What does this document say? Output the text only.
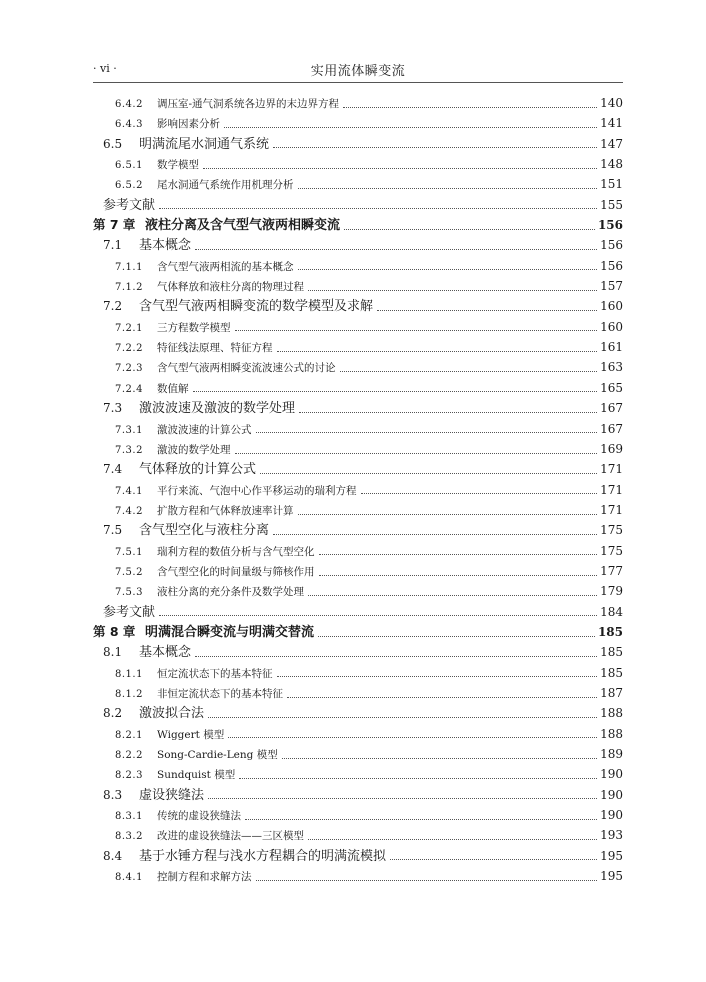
· vi ·	实用流体瞬变流
6.4.2	调压室-通气洞系统各边界的末边界方程	140
6.4.3	影响因素分析	141
6.5	明满流尾水洞通气系统	147
6.5.1	数学模型	148
6.5.2	尾水洞通气系统作用机理分析	151
参考文献	155
第 7 章 液柱分离及含气型气液两相瞬变流	156
7.1	基本概念	156
7.1.1	含气型气液两相流的基本概念	156
7.1.2	气体释放和液柱分离的物理过程	157
7.2	含气型气液两相瞬变流的数学模型及求解	160
7.2.1	三方程数学模型	160
7.2.2	特征线法原理、特征方程	161
7.2.3	含气型气液两相瞬变流波速公式的讨论	163
7.2.4	数值解	165
7.3	激波波速及激波的数学处理	167
7.3.1	激波波速的计算公式	167
7.3.2	激波的数学处理	169
7.4	气体释放的计算公式	171
7.4.1	平行来流、气泡中心作平移运动的瑞利方程	171
7.4.2	扩散方程和气体释放速率计算	171
7.5	含气型空化与液柱分离	175
7.5.1	瑞利方程的数值分析与含气型空化	175
7.5.2	含气型空化的时间量级与筛核作用	177
7.5.3	液柱分离的充分条件及数学处理	179
参考文献	184
第 8 章 明满混合瞬变流与明满交替流	185
8.1	基本概念	185
8.1.1	恒定流状态下的基本特征	185
8.1.2	非恒定流状态下的基本特征	187
8.2	激波拟合法	188
8.2.1	Wiggert 模型	188
8.2.2	Song-Cardie-Leng 模型	189
8.2.3	Sundquist 模型	190
8.3	虚设狭缝法	190
8.3.1	传统的虚设狭缝法	190
8.3.2	改进的虚设狭缝法——三区模型	193
8.4	基于水锤方程与浅水方程耦合的明满流模拟	195
8.4.1	控制方程和求解方法	195
